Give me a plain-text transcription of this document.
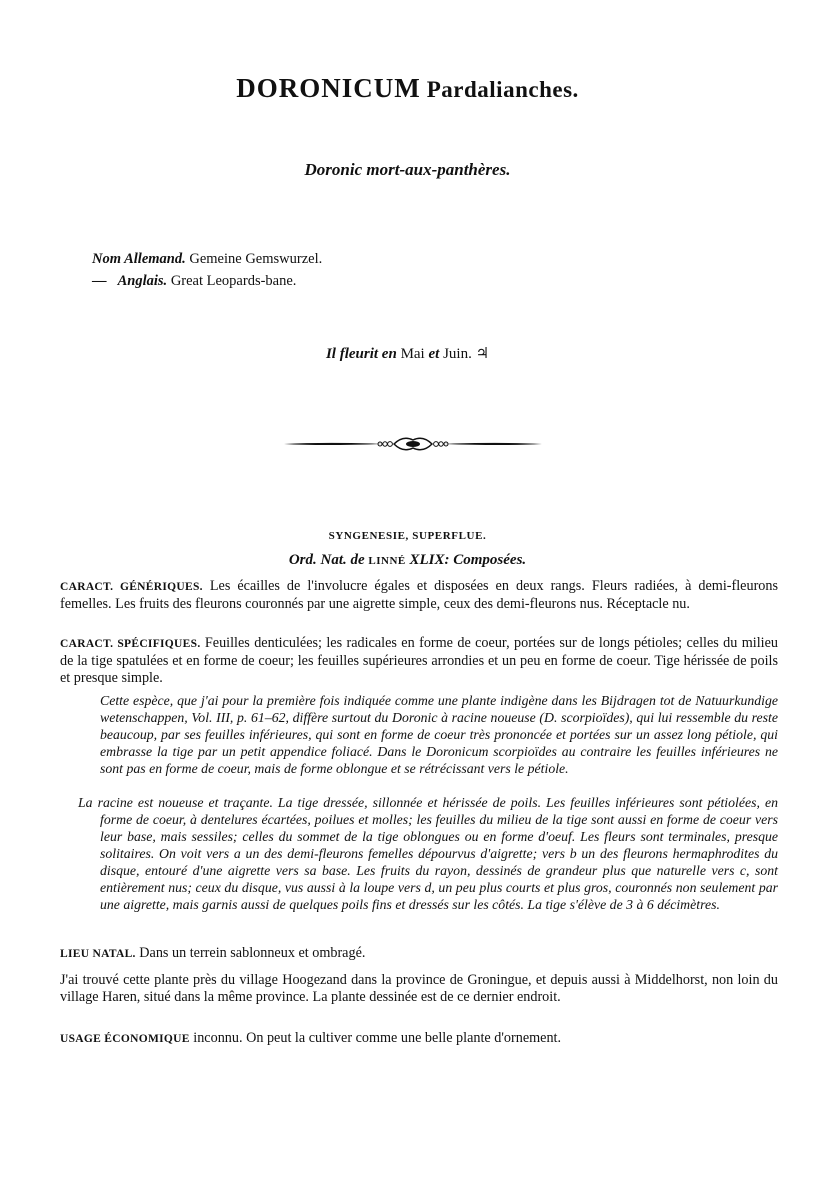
DORONICUM Pardalianches.

Doronic mort-aux-panthères.

Nom Allemand. Gemeine Gemswurzel.
— Anglais. Great Leopards-bane.

Il fleurit en Mai et Juin. ♃

SYNGENESIE, SUPERFLUE.

Ord. Nat. de LINNÉ XLIX: Composées.

CARACT. GÉNÉRIQUES. Les écailles de l'involucre égales et disposées en deux rangs. Fleurs radiées, à demi-fleurons femelles. Les fruits des fleurons couronnés par une aigrette simple, ceux des demi-fleurons nus. Réceptacle nu.

CARACT. SPÉCIFIQUES. Feuilles denticulées; les radicales en forme de coeur, portées sur de longs pétioles; celles du milieu de la tige spatulées et en forme de coeur; les feuilles supérieures arrondies et un peu en forme de coeur. Tige hérissée de poils et presque simple.

Cette espèce, que j'ai pour la première fois indiquée comme une plante indigène dans les Bijdragen tot de Natuurkundige wetenschappen, Vol. III, p. 61–62, diffère surtout du Doronic à racine noueuse (D. scorpioïdes), qui lui ressemble du reste beaucoup, par ses feuilles inférieures, qui sont en forme de coeur très prononcée et portées sur un assez long pétiole, qui embrasse la tige par un petit appendice foliacé. Dans le Doronicum scorpioïdes au contraire les feuilles inférieures ne sont pas en forme de coeur, mais de forme oblongue et se rétrécissant vers le pétiole.

La racine est noueuse et traçante. La tige dressée, sillonnée et hérissée de poils. Les feuilles inférieures sont pétiolées, en forme de coeur, à dentelures écartées, poilues et molles; les feuilles du milieu de la tige sont aussi en forme de coeur vers leur base, mais sessiles; celles du sommet de la tige oblongues ou en forme d'oeuf. Les fleurs sont terminales, presque solitaires. On voit vers a un des demi-fleurons femelles dépourvus d'aigrette; vers b un des fleurons hermaphrodites du disque, entouré d'une aigrette vers sa base. Les fruits du rayon, dessinés de grandeur plus que naturelle vers c, sont entièrement nus; ceux du disque, vus aussi à la loupe vers d, un peu plus courts et plus gros, couronnés non seulement par une aigrette, mais garnis aussi de quelques poils fins et dressés sur les côtés. La tige s'élève de 3 à 6 décimètres.

LIEU NATAL. Dans un terrein sablonneux et ombragé.

J'ai trouvé cette plante près du village Hoogezand dans la province de Groningue, et depuis aussi à Middelhorst, non loin du village Haren, situé dans la même province. La plante dessinée est de ce dernier endroit.

USAGE ÉCONOMIQUE inconnu. On peut la cultiver comme une belle plante d'ornement.
